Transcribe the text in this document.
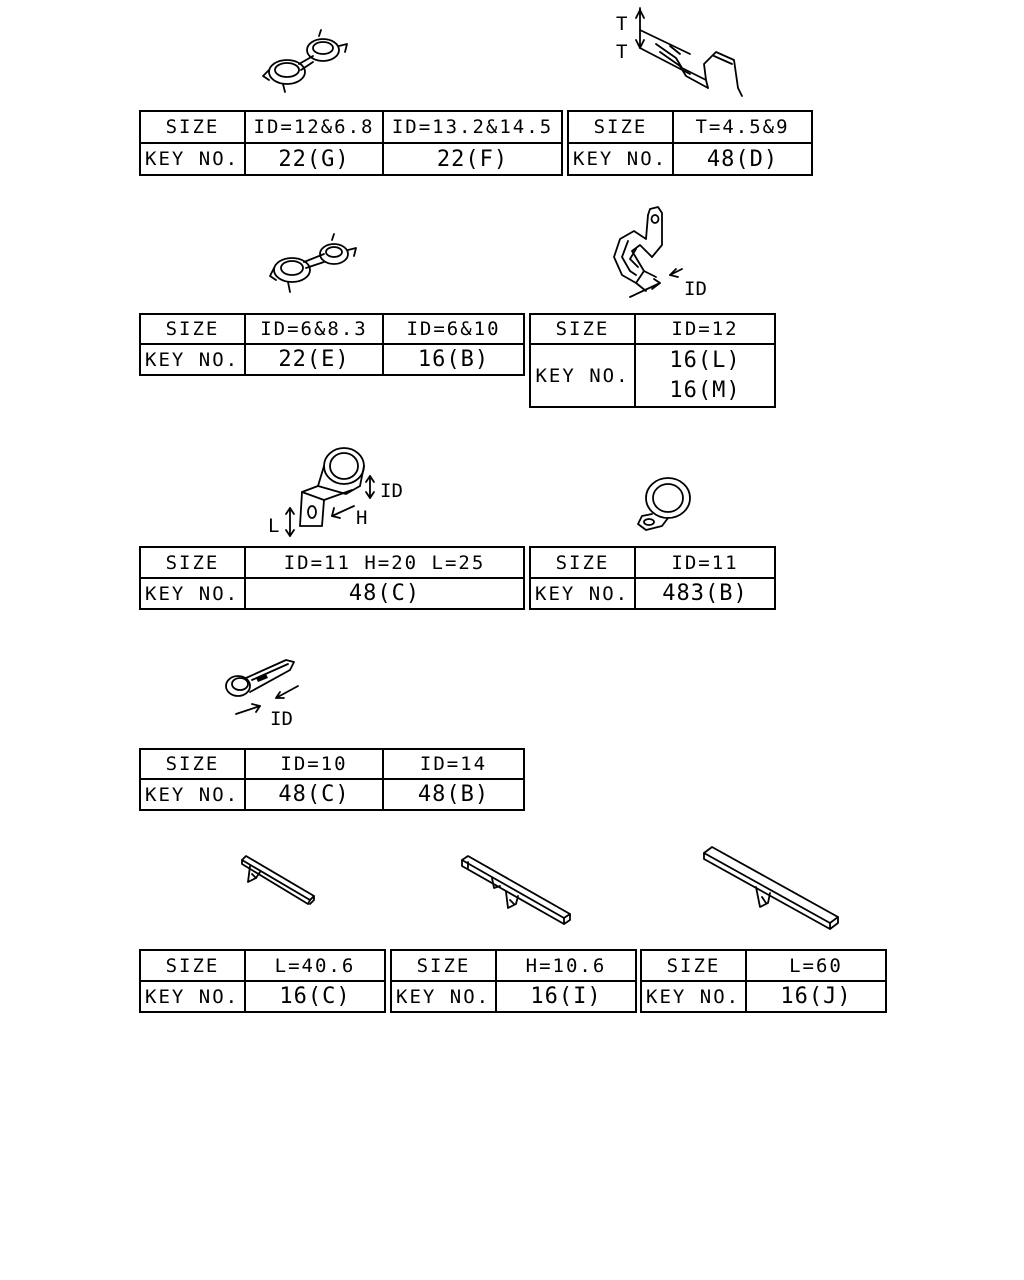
T
T
SIZE	ID=12&6.8	ID=13.2&14.5
KEY NO.	22(G)	22(F)
SIZE	T=4.5&9
KEY NO.	48(D)
ID
SIZE	ID=6&8.3	ID=6&10
KEY NO.	22(E)	16(B)
SIZE	ID=12
KEY NO.	16(L)
16(M)
ID
L	H
SIZE	ID=11 H=20 L=25
KEY NO.	48(C)
SIZE	ID=11
KEY NO.	483(B)
ID
SIZE	ID=10	ID=14
KEY NO.	48(C)	48(B)
SIZE	L=40.6
KEY NO.	16(C)
SIZE	H=10.6
KEY NO.	16(I)
SIZE	L=60
KEY NO.	16(J)
